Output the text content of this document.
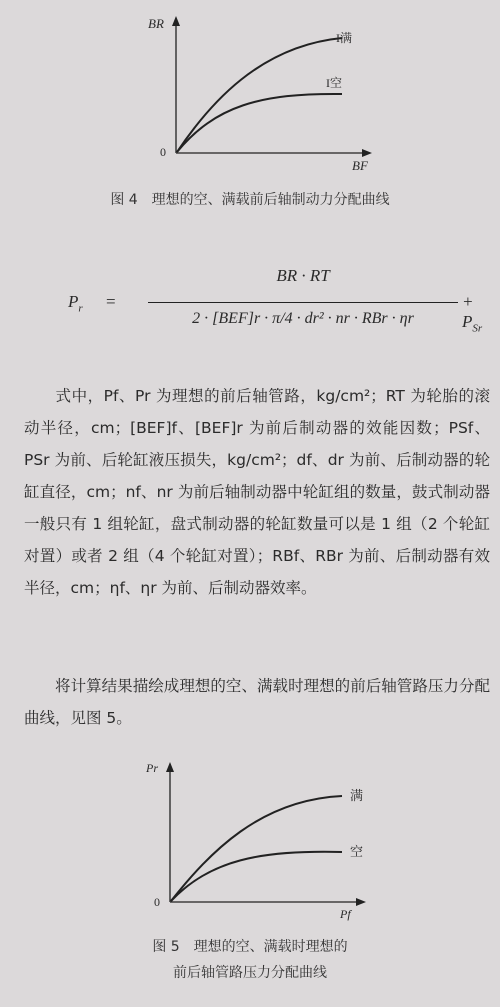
BR
BF
0
I满
I空
图 4　理想的空、满载前后轴制动力分配曲线
$P_r$ =
BR · RT
2 · [BEF]r · π/4 · dr² · nr · RBr · ηr
+ $P_{Sr}$

式中，Pf、Pr 为理想的前后轴管路，kg/cm²；RT 为轮胎的滚动半径，cm；[BEF]f、[BEF]r 为前后制动器的效能因数；PSf、PSr 为前、后轮缸液压损失，kg/cm²；df、dr 为前、后制动器的轮缸直径，cm；nf、nr 为前后轴制动器中轮缸组的数量，鼓式制动器一般只有 1 组轮缸，盘式制动器的轮缸数量可以是 1 组（2 个轮缸对置）或者 2 组（4 个轮缸对置）；RBf、RBr 为前、后制动器有效半径，cm；ηf、ηr 为前、后制动器效率。

将计算结果描绘成理想的空、满载时理想的前后轴管路压力分配曲线，见图 5。

Pr
Pf
0
满
空
图 5　理想的空、满载时理想的
前后轴管路压力分配曲线
